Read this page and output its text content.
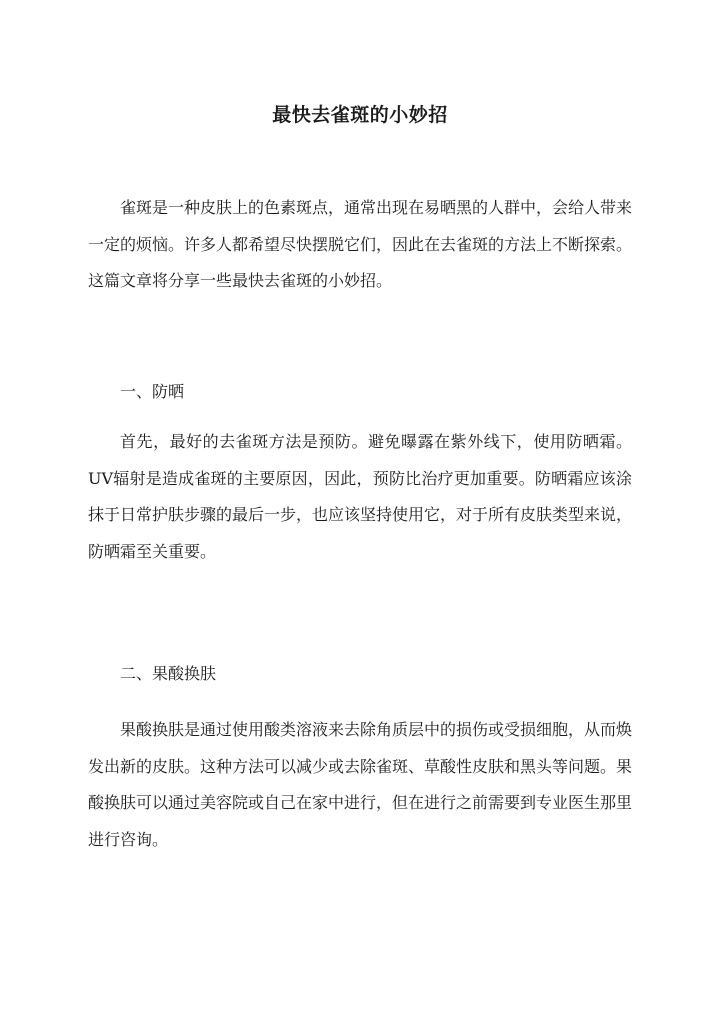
最快去雀斑的小妙招

雀斑是一种皮肤上的色素斑点，通常出现在易晒黑的人群中，会给人带来一定的烦恼。许多人都希望尽快摆脱它们，因此在去雀斑的方法上不断探索。这篇文章将分享一些最快去雀斑的小妙招。

一、防晒

首先，最好的去雀斑方法是预防。避免曝露在紫外线下，使用防晒霜。UV辐射是造成雀斑的主要原因，因此，预防比治疗更加重要。防晒霜应该涂抹于日常护肤步骤的最后一步，也应该坚持使用它，对于所有皮肤类型来说，防晒霜至关重要。

二、果酸换肤

果酸换肤是通过使用酸类溶液来去除角质层中的损伤或受损细胞，从而焕发出新的皮肤。这种方法可以减少或去除雀斑、草酸性皮肤和黑头等问题。果酸换肤可以通过美容院或自己在家中进行，但在进行之前需要到专业医生那里进行咨询。
